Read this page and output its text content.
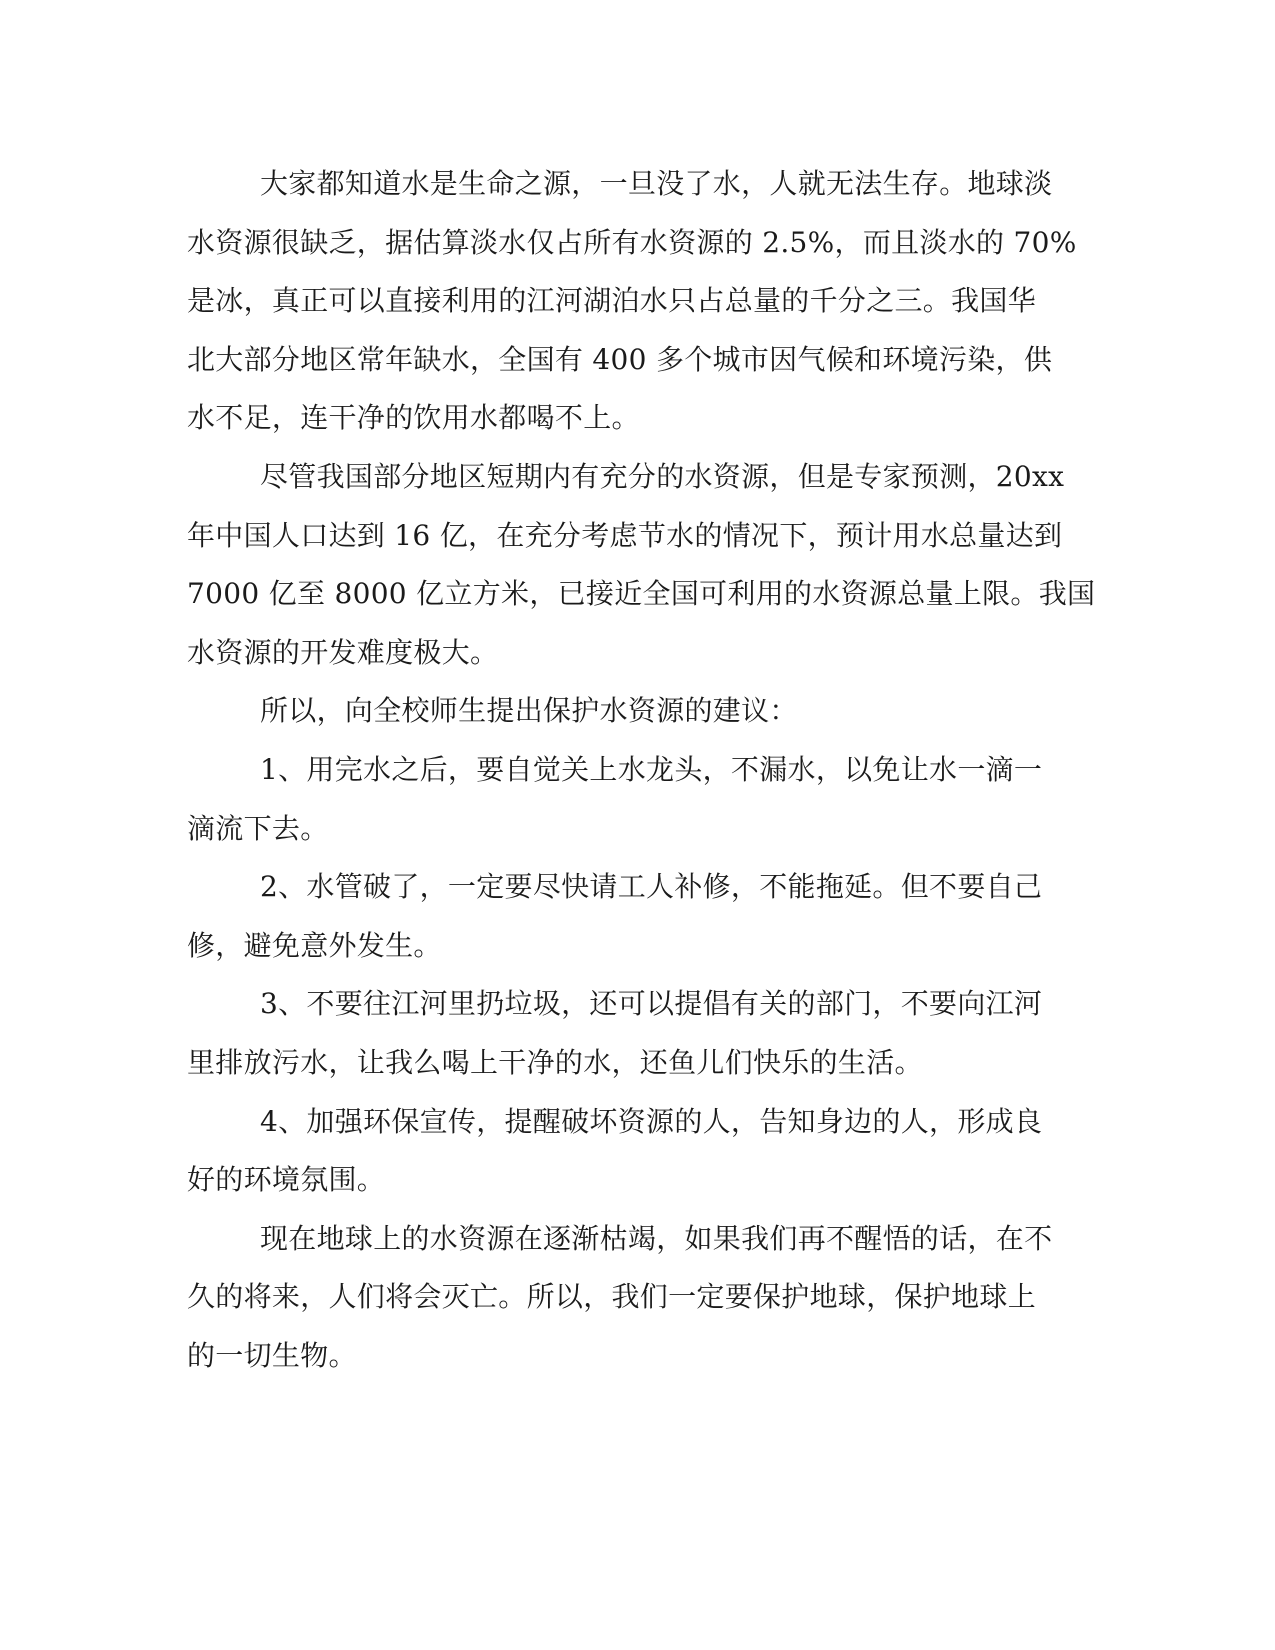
大家都知道水是生命之源，一旦没了水，人就无法生存。地球淡
水资源很缺乏，据估算淡水仅占所有水资源的 2.5%，而且淡水的 70%
是冰，真正可以直接利用的江河湖泊水只占总量的千分之三。我国华
北大部分地区常年缺水，全国有 400 多个城市因气候和环境污染，供
水不足，连干净的饮用水都喝不上。
尽管我国部分地区短期内有充分的水资源，但是专家预测，20xx
年中国人口达到 16 亿，在充分考虑节水的情况下，预计用水总量达到
7000 亿至 8000 亿立方米，已接近全国可利用的水资源总量上限。我国
水资源的开发难度极大。
所以，向全校师生提出保护水资源的建议：
1、用完水之后，要自觉关上水龙头，不漏水，以免让水一滴一
滴流下去。
2、水管破了，一定要尽快请工人补修，不能拖延。但不要自己
修，避免意外发生。
3、不要往江河里扔垃圾，还可以提倡有关的部门，不要向江河
里排放污水，让我么喝上干净的水，还鱼儿们快乐的生活。
4、加强环保宣传，提醒破坏资源的人，告知身边的人，形成良
好的环境氛围。
现在地球上的水资源在逐渐枯竭，如果我们再不醒悟的话，在不
久的将来，人们将会灭亡。所以，我们一定要保护地球，保护地球上
的一切生物。
